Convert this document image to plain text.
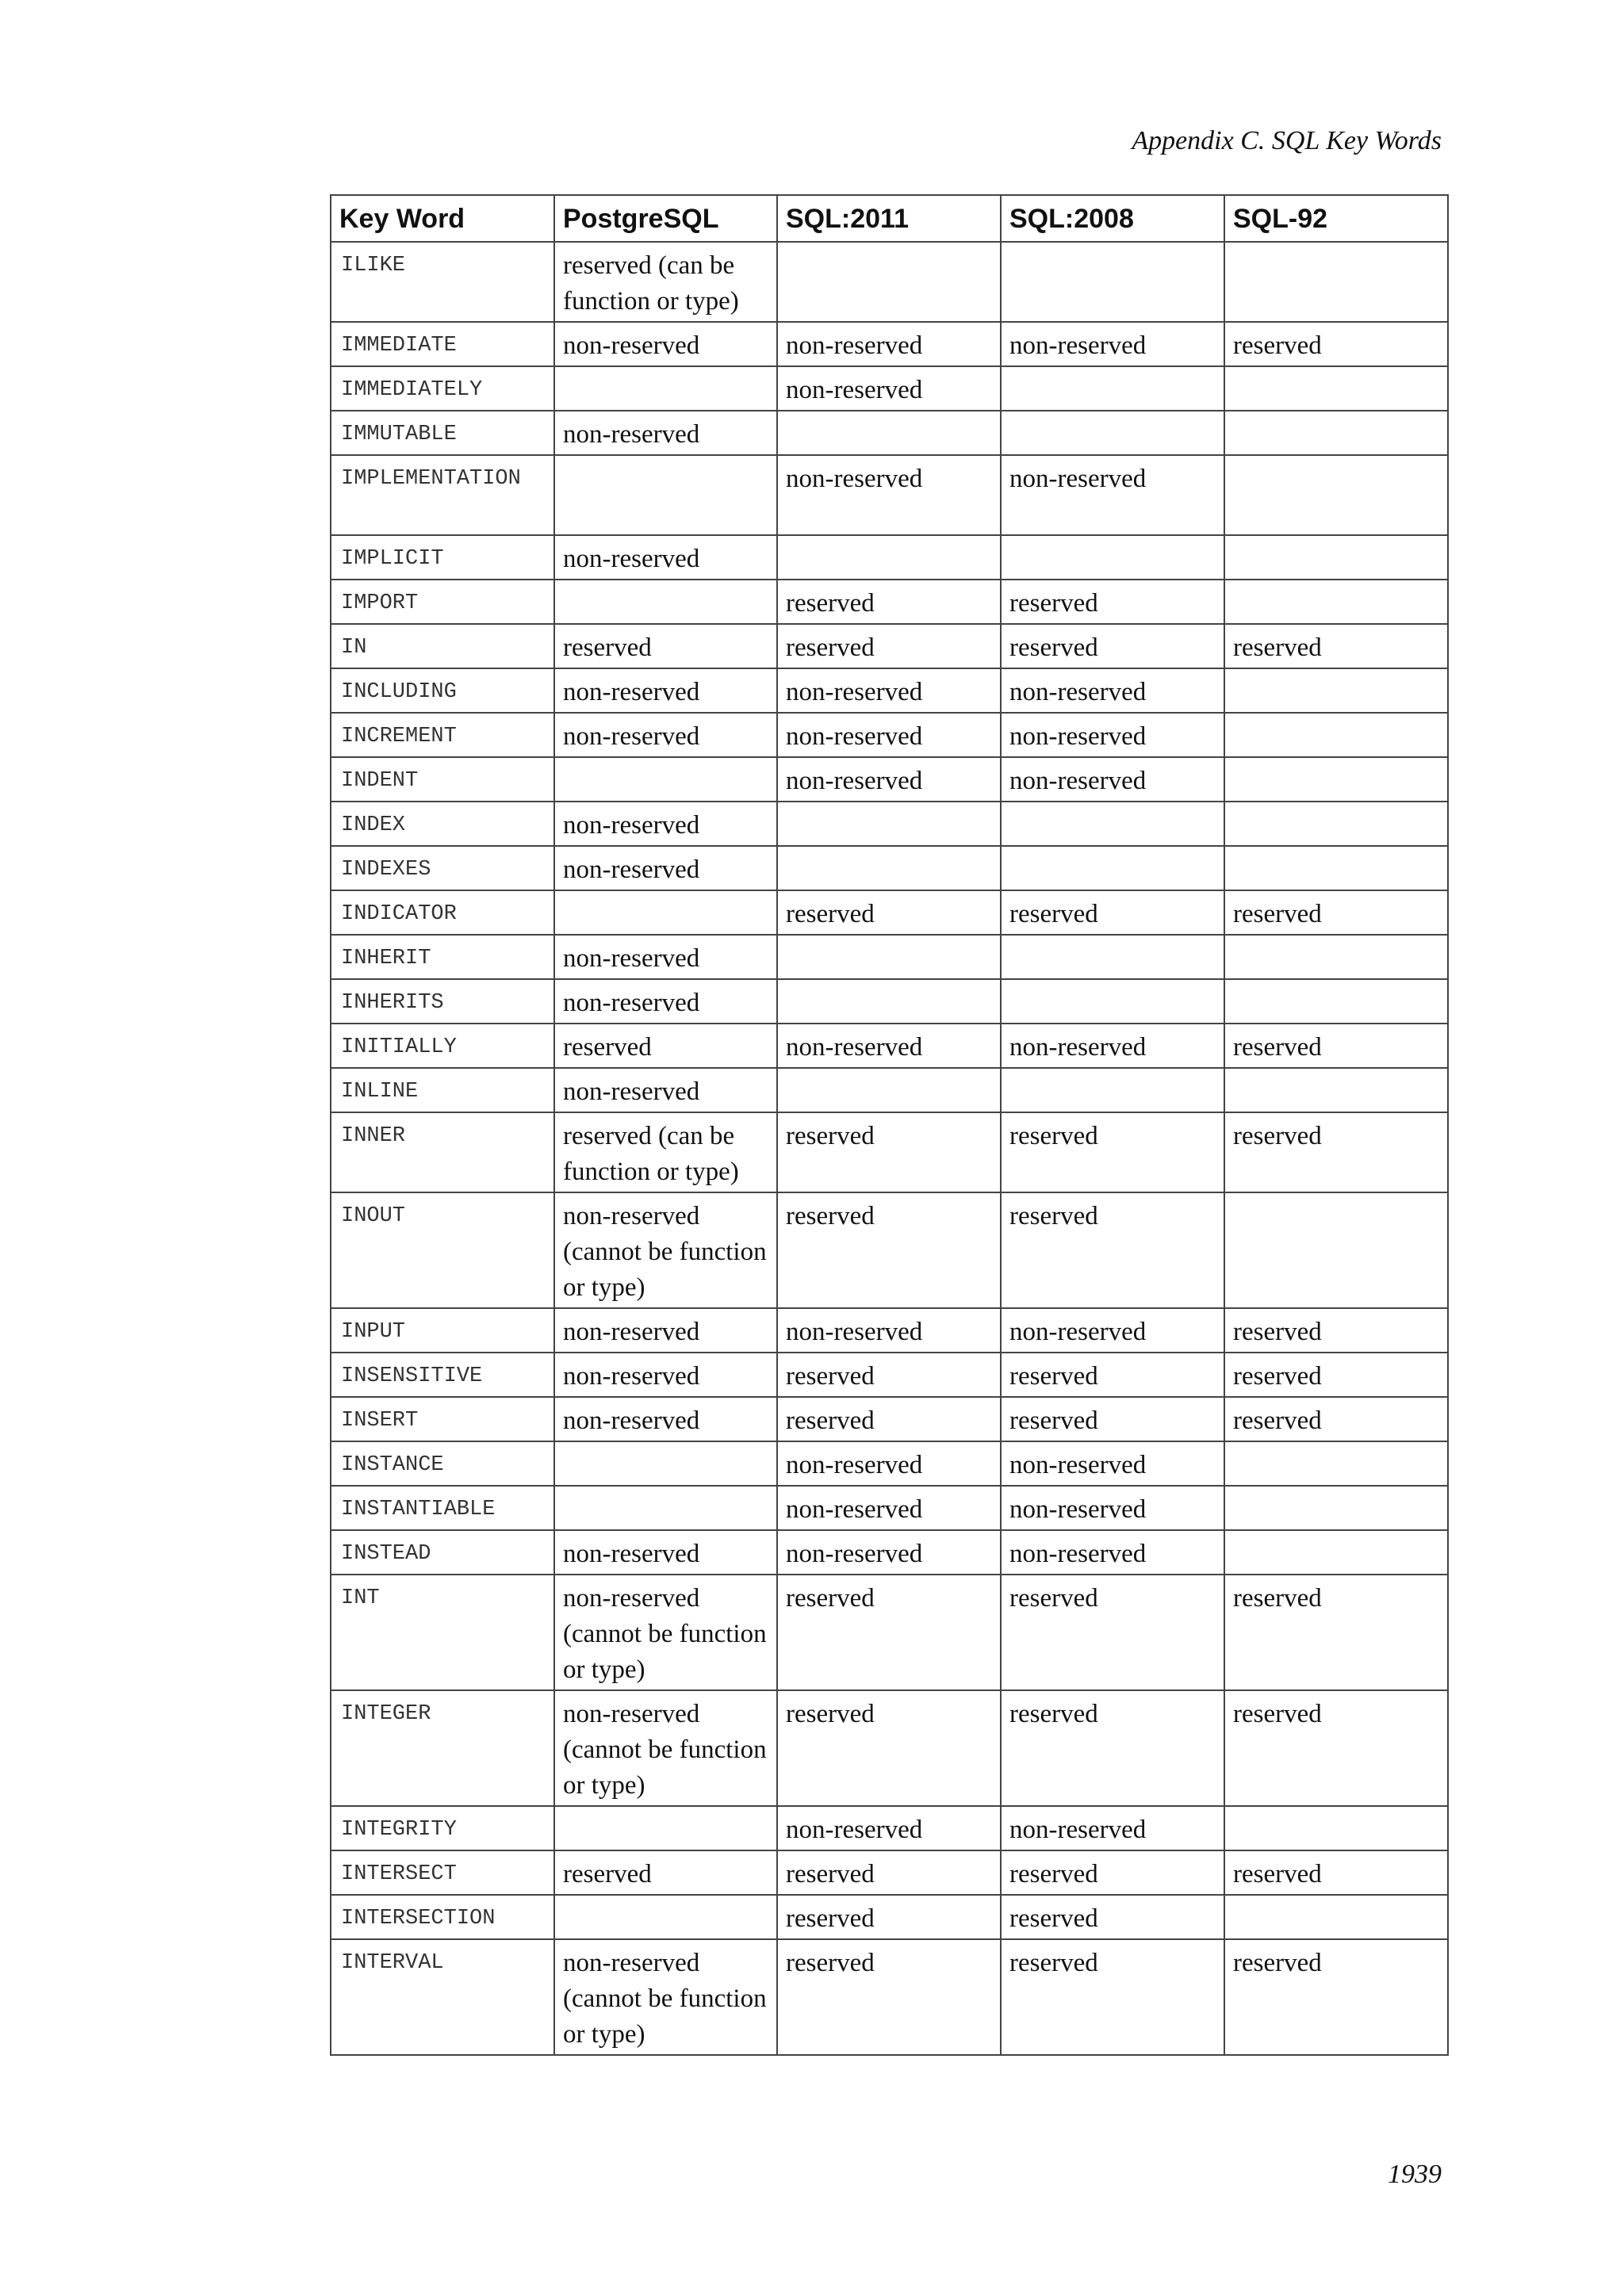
Appendix C. SQL Key Words
Key Word	PostgreSQL	SQL:2011	SQL:2008	SQL-92
ILIKE	reserved (can be function or type)			
IMMEDIATE	non-reserved	non-reserved	non-reserved	reserved
IMMEDIATELY		non-reserved		
IMMUTABLE	non-reserved			
IMPLEMENTATION		non-reserved	non-reserved	
IMPLICIT	non-reserved			
IMPORT		reserved	reserved	
IN	reserved	reserved	reserved	reserved
INCLUDING	non-reserved	non-reserved	non-reserved	
INCREMENT	non-reserved	non-reserved	non-reserved	
INDENT		non-reserved	non-reserved	
INDEX	non-reserved			
INDEXES	non-reserved			
INDICATOR		reserved	reserved	reserved
INHERIT	non-reserved			
INHERITS	non-reserved			
INITIALLY	reserved	non-reserved	non-reserved	reserved
INLINE	non-reserved			
INNER	reserved (can be function or type)	reserved	reserved	reserved
INOUT	non-reserved (cannot be function or type)	reserved	reserved	
INPUT	non-reserved	non-reserved	non-reserved	reserved
INSENSITIVE	non-reserved	reserved	reserved	reserved
INSERT	non-reserved	reserved	reserved	reserved
INSTANCE		non-reserved	non-reserved	
INSTANTIABLE		non-reserved	non-reserved	
INSTEAD	non-reserved	non-reserved	non-reserved	
INT	non-reserved (cannot be function or type)	reserved	reserved	reserved
INTEGER	non-reserved (cannot be function or type)	reserved	reserved	reserved
INTEGRITY		non-reserved	non-reserved	
INTERSECT	reserved	reserved	reserved	reserved
INTERSECTION		reserved	reserved	
INTERVAL	non-reserved (cannot be function or type)	reserved	reserved	reserved
1939
